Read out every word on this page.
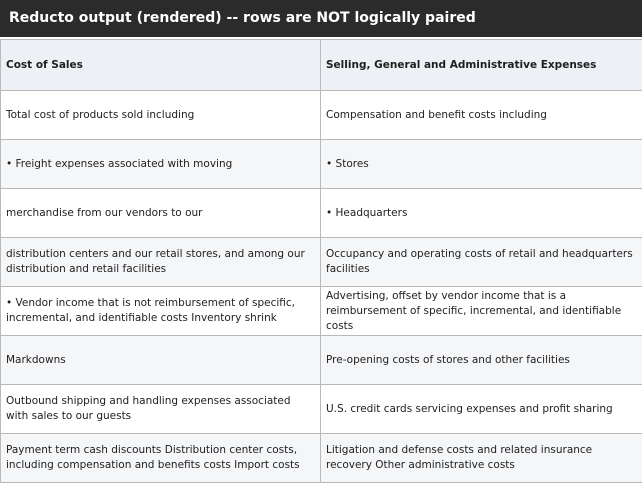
Reducto output (rendered) -- rows are NOT logically paired
Cost of Sales	Selling, General and Administrative Expenses
Total cost of products sold including	Compensation and benefit costs including
• Freight expenses associated with moving	• Stores
merchandise from our vendors to our	• Headquarters
distribution centers and our retail stores, and among our distribution and retail facilities	Occupancy and operating costs of retail and headquarters facilities
• Vendor income that is not reimbursement of specific, incremental, and identifiable costs Inventory shrink	Advertising, offset by vendor income that is a reimbursement of specific, incremental, and identifiable costs
Markdowns	Pre-opening costs of stores and other facilities
Outbound shipping and handling expenses associated with sales to our guests	U.S. credit cards servicing expenses and profit sharing
Payment term cash discounts Distribution center costs, including compensation and benefits costs Import costs	Litigation and defense costs and related insurance recovery Other administrative costs
